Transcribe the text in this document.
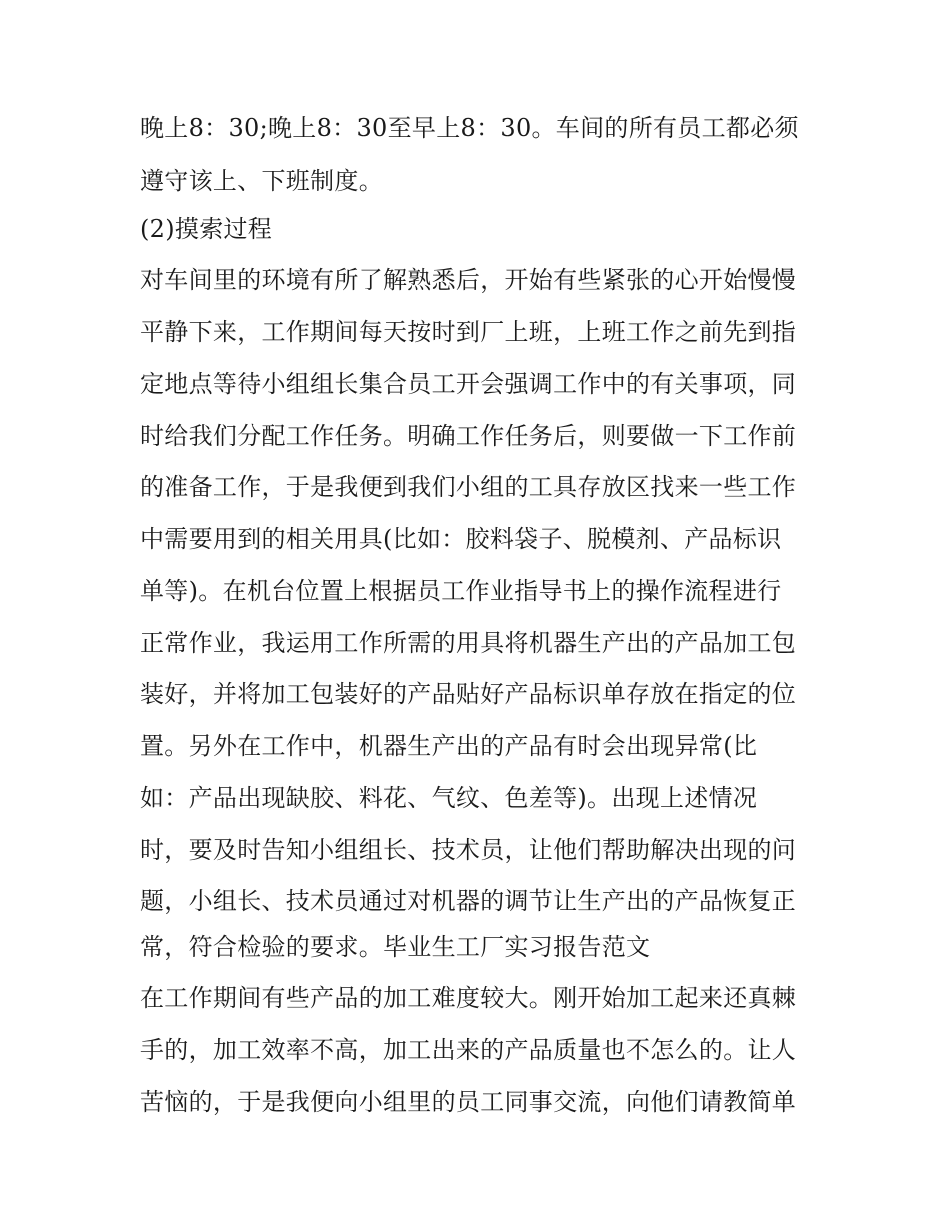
晚上8：30;晚上8：30至早上8：30。车间的所有员工都必须
遵守该上、下班制度。
(2)摸索过程
对车间里的环境有所了解熟悉后，开始有些紧张的心开始慢慢
平静下来，工作期间每天按时到厂上班，上班工作之前先到指
定地点等待小组组长集合员工开会强调工作中的有关事项，同
时给我们分配工作任务。明确工作任务后，则要做一下工作前
的准备工作，于是我便到我们小组的工具存放区找来一些工作
中需要用到的相关用具(比如：胶料袋子、脱模剂、产品标识
单等)。在机台位置上根据员工作业指导书上的操作流程进行
正常作业，我运用工作所需的用具将机器生产出的产品加工包
装好，并将加工包装好的产品贴好产品标识单存放在指定的位
置。另外在工作中，机器生产出的产品有时会出现异常(比
如：产品出现缺胶、料花、气纹、色差等)。出现上述情况
时，要及时告知小组组长、技术员，让他们帮助解决出现的问
题，小组长、技术员通过对机器的调节让生产出的产品恢复正
常，符合检验的要求。毕业生工厂实习报告范文
在工作期间有些产品的加工难度较大。刚开始加工起来还真棘
手的，加工效率不高，加工出来的产品质量也不怎么的。让人
苦恼的，于是我便向小组里的员工同事交流，向他们请教简单
